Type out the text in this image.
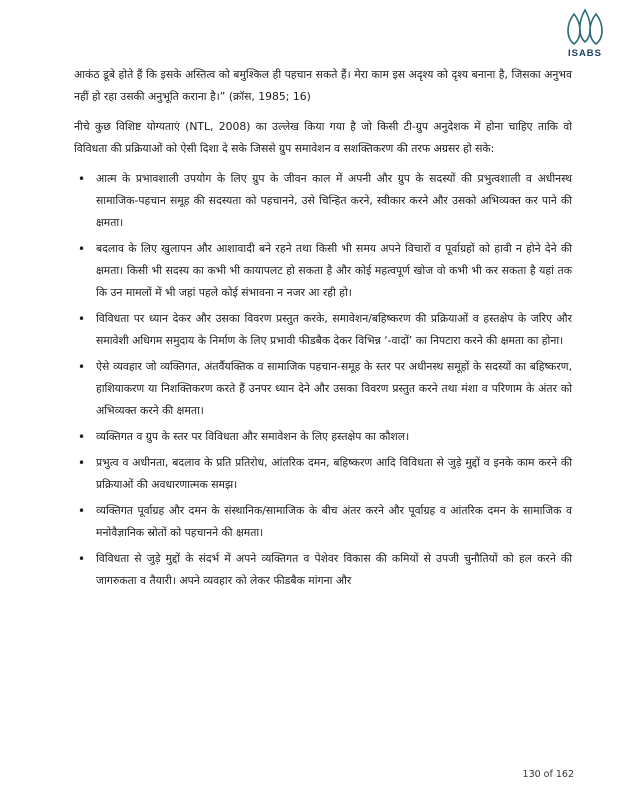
ISABS

आकंठ डूबे होते हैं कि इसके अस्तित्व को बमुश्किल ही पहचान सकते हैं। मेरा काम इस अदृश्य को दृश्य बनाना है, जिसका अनुभव नहीं हो रहा उसकी अनुभूति कराना है।” (क्रॉस, 1985; 16)

नीचे कुछ विशिष्ट योग्यताएं (NTL, 2008) का उल्लेख किया गया है जो किसी टी-ग्रुप अनुदेशक में होना चाहिए ताकि वो विविधता की प्रक्रियाओं को ऐसी दिशा दे सके जिससे ग्रुप समावेशन व सशक्तिकरण की तरफ अग्रसर हो सके:

• आत्म के प्रभावशाली उपयोग के लिए ग्रुप के जीवन काल में अपनी और ग्रुप के सदस्यों की प्रभुत्वशाली व अधीनस्थ सामाजिक-पहचान समूह की सदस्यता को पहचानने, उसे चिन्हित करने, स्वीकार करने और उसको अभिव्यक्त कर पाने की क्षमता।
• बदलाव के लिए खुलापन और आशावादी बने रहने तथा किसी भी समय अपने विचारों व पूर्वाग्रहों को हावी न होने देने की क्षमता। किसी भी सदस्य का कभी भी कायापलट हो सकता है और कोई महत्वपूर्ण खोज वो कभी भी कर सकता है यहां तक कि उन मामलों में भी जहां पहले कोई संभावना न नजर आ रही हो।
• विविधता पर ध्यान देकर और उसका विवरण प्रस्तुत करके, समावेशन/बहिष्करण की प्रक्रियाओं व हस्तक्षेप के जरिए और समावेशी अधिगम समुदाय के निर्माण के लिए प्रभावी फीडबैक देकर विभिन्न ‘-वादों’ का निपटारा करने की क्षमता का होना।
• ऐसे व्यवहार जो व्यक्तिगत, अंतर्वैयक्तिक व सामाजिक पहचान-समूह के स्तर पर अधीनस्थ समूहों के सदस्यों का बहिष्करण, हाशियाकरण या निशक्तिकरण करते हैं उनपर ध्यान देने और उसका विवरण प्रस्तुत करने तथा मंशा व परिणाम के अंतर को अभिव्यक्त करने की क्षमता।
• व्यक्तिगत व ग्रुप के स्तर पर विविधता और समावेशन के लिए हस्तक्षेप का कौशल।
• प्रभुत्व व अधीनता, बदलाव के प्रति प्रतिरोध, आंतरिक दमन, बहिष्करण आदि विविधता से जुड़े मुद्दों व इनके काम करने की प्रक्रियाओं की अवधारणात्मक समझ।
• व्यक्तिगत पूर्वाग्रह और दमन के संस्थानिक/सामाजिक के बीच अंतर करने और पूर्वाग्रह व आंतरिक दमन के सामाजिक व मनोवैज्ञानिक स्रोतों को पहचानने की क्षमता।
• विविधता से जुड़े मुद्दों के संदर्भ में अपने व्यक्तिगत व पेशेवर विकास की कमियों से उपजी चुनौतियों को हल करने की जागरुकता व तैयारी। अपने व्यवहार को लेकर फीडबैक मांगना और
130 of 162
